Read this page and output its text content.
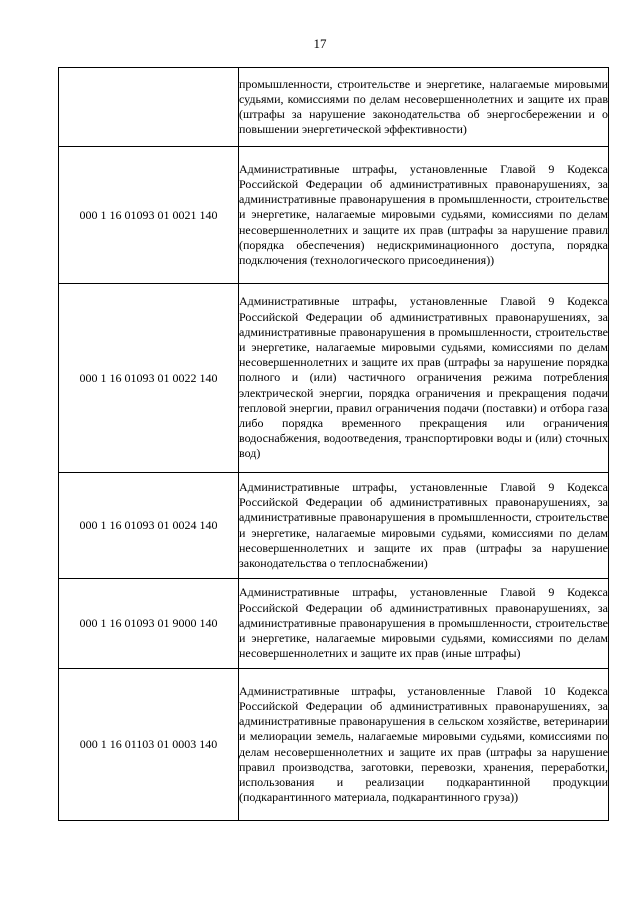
17
	промышленности, строительстве и энергетике, налагаемые мировыми судьями, комиссиями по делам несовершеннолетних и защите их прав (штрафы за нарушение законодательства об энергосбережении и о повышении энергетической эффективности)
000 1 16 01093 01 0021 140	Административные штрафы, установленные Главой 9 Кодекса Российской Федерации об административных правонарушениях, за административные правонарушения в промышленности, строительстве и энергетике, налагаемые мировыми судьями, комиссиями по делам несовершеннолетних и защите их прав (штрафы за нарушение правил (порядка обеспечения) недискриминационного доступа, порядка подключения (технологического присоединения))
000 1 16 01093 01 0022 140	Административные штрафы, установленные Главой 9 Кодекса Российской Федерации об административных правонарушениях, за административные правонарушения в промышленности, строительстве и энергетике, налагаемые мировыми судьями, комиссиями по делам несовершеннолетних и защите их прав (штрафы за нарушение порядка полного и (или) частичного ограничения режима потребления электрической энергии, порядка ограничения и прекращения подачи тепловой энергии, правил ограничения подачи (поставки) и отбора газа либо порядка временного прекращения или ограничения водоснабжения, водоотведения, транспортировки воды и (или) сточных вод)
000 1 16 01093 01 0024 140	Административные штрафы, установленные Главой 9 Кодекса Российской Федерации об административных правонарушениях, за административные правонарушения в промышленности, строительстве и энергетике, налагаемые мировыми судьями, комиссиями по делам несовершеннолетних и защите их прав (штрафы за нарушение законодательства о теплоснабжении)
000 1 16 01093 01 9000 140	Административные штрафы, установленные Главой 9 Кодекса Российской Федерации об административных правонарушениях, за административные правонарушения в промышленности, строительстве и энергетике, налагаемые мировыми судьями, комиссиями по делам несовершеннолетних и защите их прав (иные штрафы)
000 1 16 01103 01 0003 140	Административные штрафы, установленные Главой 10 Кодекса Российской Федерации об административных правонарушениях, за административные правонарушения в сельском хозяйстве, ветеринарии и мелиорации земель, налагаемые мировыми судьями, комиссиями по делам несовершеннолетних и защите их прав (штрафы за нарушение правил производства, заготовки, перевозки, хранения, переработки, использования и реализации подкарантинной продукции (подкарантинного материала, подкарантинного груза))
